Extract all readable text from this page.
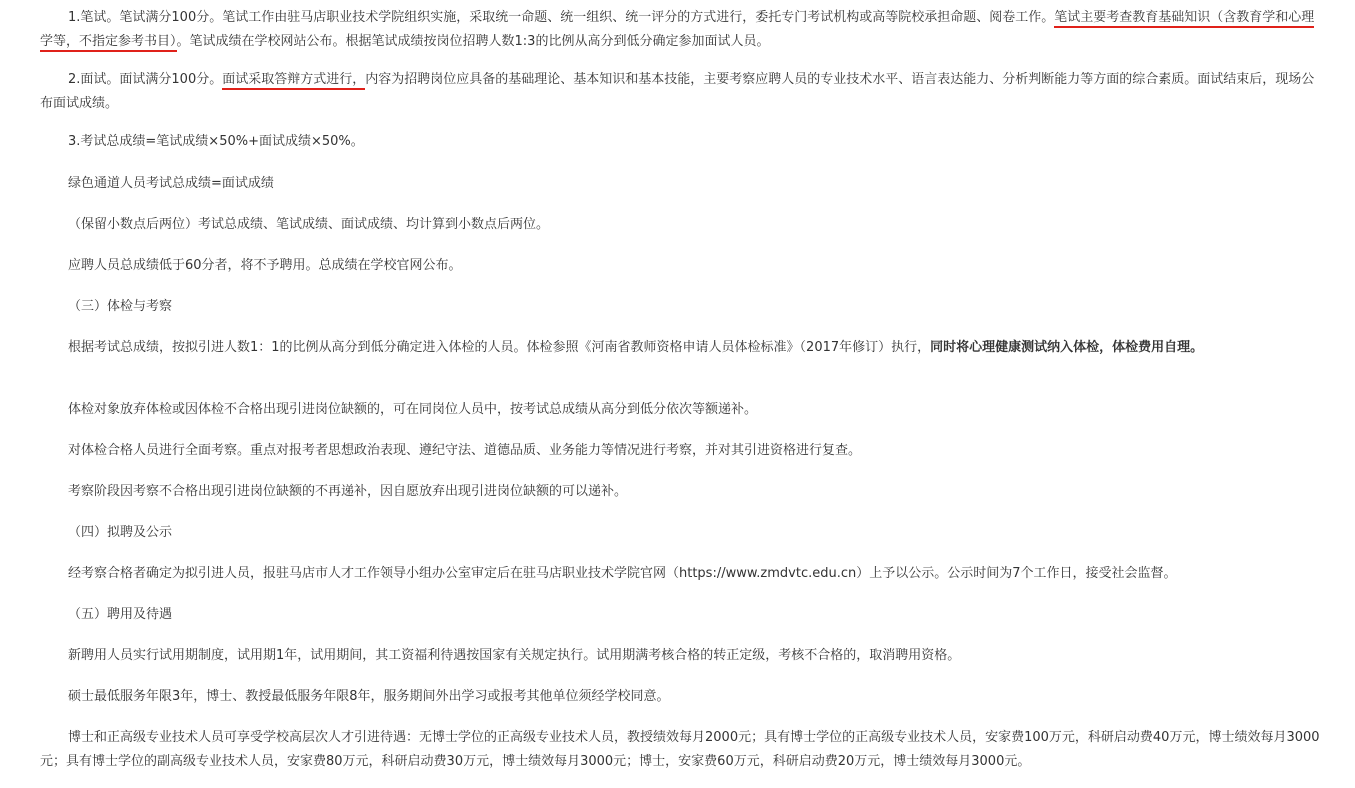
1.笔试。笔试满分100分。笔试工作由驻马店职业技术学院组织实施，采取统一命题、统一组织、统一评分的方式进行，委托专门考试机构或高等院校承担命题、阅卷工作。笔试主要考查教育基础知识（含教育学和心理学等，不指定参考书目）。笔试成绩在学校网站公布。根据笔试成绩按岗位招聘人数1:3的比例从高分到低分确定参加面试人员。

2.面试。面试满分100分。面试采取答辩方式进行，内容为招聘岗位应具备的基础理论、基本知识和基本技能，主要考察应聘人员的专业技术水平、语言表达能力、分析判断能力等方面的综合素质。面试结束后，现场公布面试成绩。

3.考试总成绩=笔试成绩×50%+面试成绩×50%。

绿色通道人员考试总成绩=面试成绩

（保留小数点后两位）考试总成绩、笔试成绩、面试成绩、均计算到小数点后两位。

应聘人员总成绩低于60分者，将不予聘用。总成绩在学校官网公布。

（三）体检与考察

根据考试总成绩，按拟引进人数1：1的比例从高分到低分确定进入体检的人员。体检参照《河南省教师资格申请人员体检标准》（2017年修订）执行，同时将心理健康测试纳入体检，体检费用自理。

体检对象放弃体检或因体检不合格出现引进岗位缺额的，可在同岗位人员中，按考试总成绩从高分到低分依次等额递补。

对体检合格人员进行全面考察。重点对报考者思想政治表现、遵纪守法、道德品质、业务能力等情况进行考察，并对其引进资格进行复查。

考察阶段因考察不合格出现引进岗位缺额的不再递补，因自愿放弃出现引进岗位缺额的可以递补。

（四）拟聘及公示

经考察合格者确定为拟引进人员，报驻马店市人才工作领导小组办公室审定后在驻马店职业技术学院官网（https://www.zmdvtc.edu.cn）上予以公示。公示时间为7个工作日，接受社会监督。

（五）聘用及待遇

新聘用人员实行试用期制度，试用期1年，试用期间，其工资福利待遇按国家有关规定执行。试用期满考核合格的转正定级，考核不合格的，取消聘用资格。

硕士最低服务年限3年，博士、教授最低服务年限8年，服务期间外出学习或报考其他单位须经学校同意。

博士和正高级专业技术人员可享受学校高层次人才引进待遇：无博士学位的正高级专业技术人员，教授绩效每月2000元；具有博士学位的正高级专业技术人员，安家费100万元，科研启动费40万元，博士绩效每月3000元；具有博士学位的副高级专业技术人员，安家费80万元，科研启动费30万元，博士绩效每月3000元；博士，安家费60万元，科研启动费20万元，博士绩效每月3000元。
